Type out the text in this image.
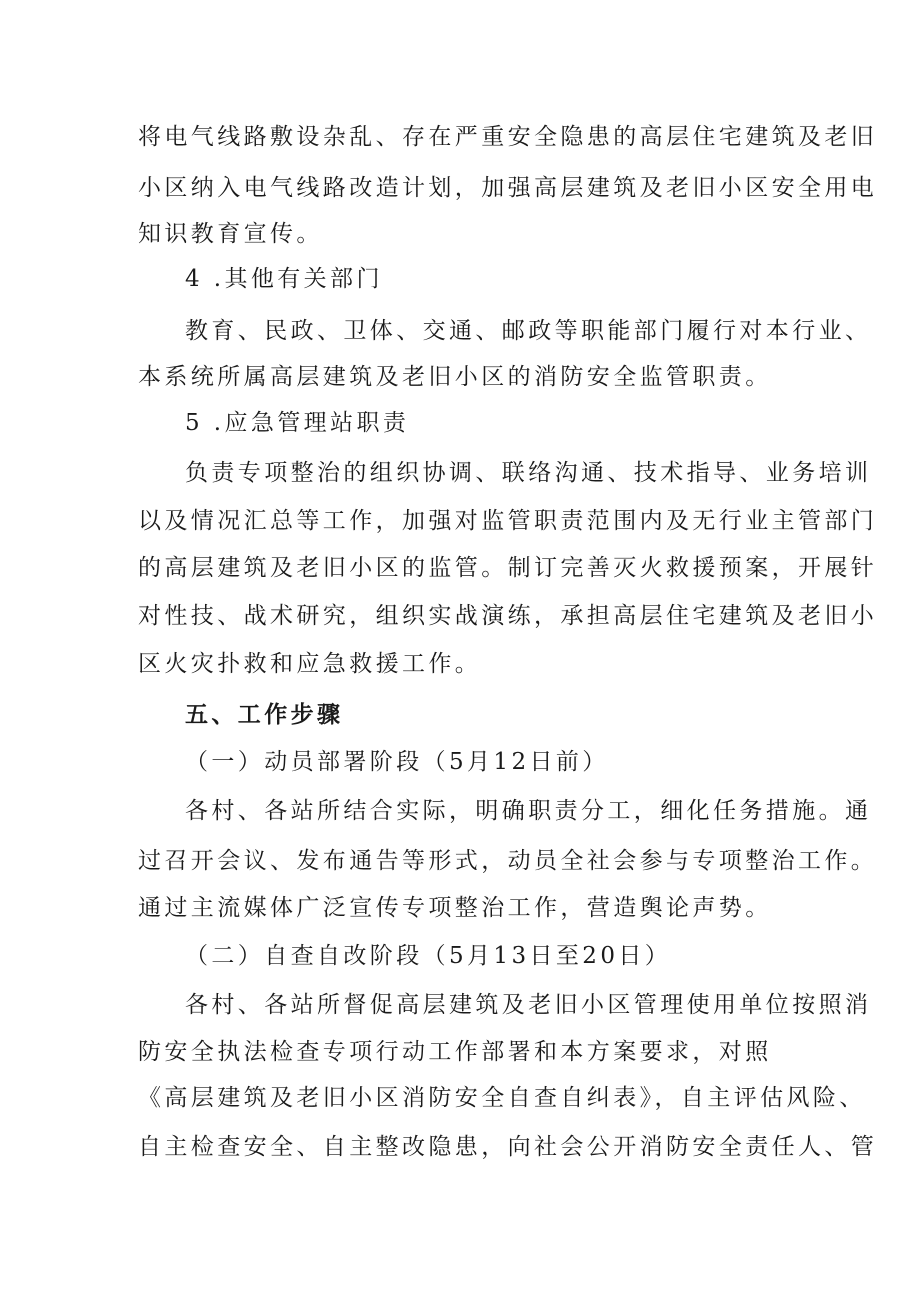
将电气线路敷设杂乱、存在严重安全隐患的高层住宅建筑及老旧
小区纳入电气线路改造计划，加强高层建筑及老旧小区安全用电
知识教育宣传。
4 .其他有关部门
教育、民政、卫体、交通、邮政等职能部门履行对本行业、
本系统所属高层建筑及老旧小区的消防安全监管职责。
5 .应急管理站职责
负责专项整治的组织协调、联络沟通、技术指导、业务培训
以及情况汇总等工作，加强对监管职责范围内及无行业主管部门
的高层建筑及老旧小区的监管。制订完善灭火救援预案，开展针
对性技、战术研究，组织实战演练，承担高层住宅建筑及老旧小
区火灾扑救和应急救援工作。
五、工作步骤
（一）动员部署阶段（5月12日前）
各村、各站所结合实际，明确职责分工，细化任务措施。通
过召开会议、发布通告等形式，动员全社会参与专项整治工作。
通过主流媒体广泛宣传专项整治工作，营造舆论声势。
（二）自查自改阶段（5月13日至20日）
各村、各站所督促高层建筑及老旧小区管理使用单位按照消
防安全执法检查专项行动工作部署和本方案要求，对照
《高层建筑及老旧小区消防安全自查自纠表》，自主评估风险、
自主检查安全、自主整改隐患，向社会公开消防安全责任人、管
